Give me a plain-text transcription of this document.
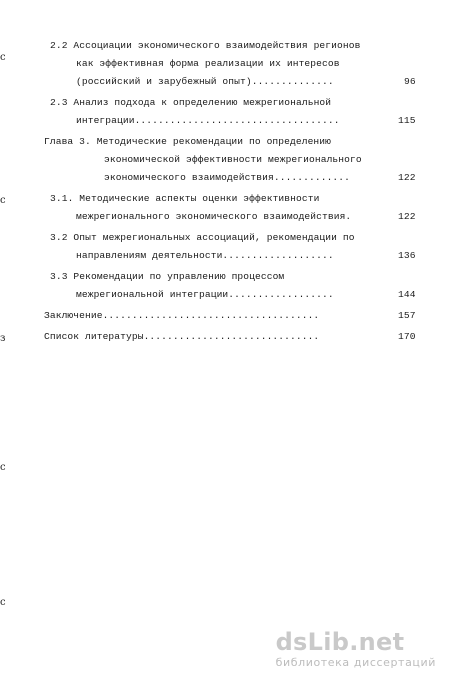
2.2 Ассоциации экономического взаимодействия регионов
как эффективная форма реализации их интересов
(российский и зарубежный опыт)..............	96
2.3 Анализ подхода к определению межрегиональной
интеграции...................................	115
Глава 3. Методические рекомендации по определению
экономической эффективности межрегионального
экономического взаимодействия.............	122
3.1. Методические аспекты оценки эффективности
межрегионального экономического взаимодействия.	122
3.2 Опыт межрегиональных ассоциаций, рекомендации по
направлениям деятельности...................	136
3.3 Рекомендации по управлению процессом
межрегиональной интеграции..................	144
Заключение.....................................	157
Список литературы..............................	170
c
c
з
с
с
dsLib.net
библиотека диссертаций
